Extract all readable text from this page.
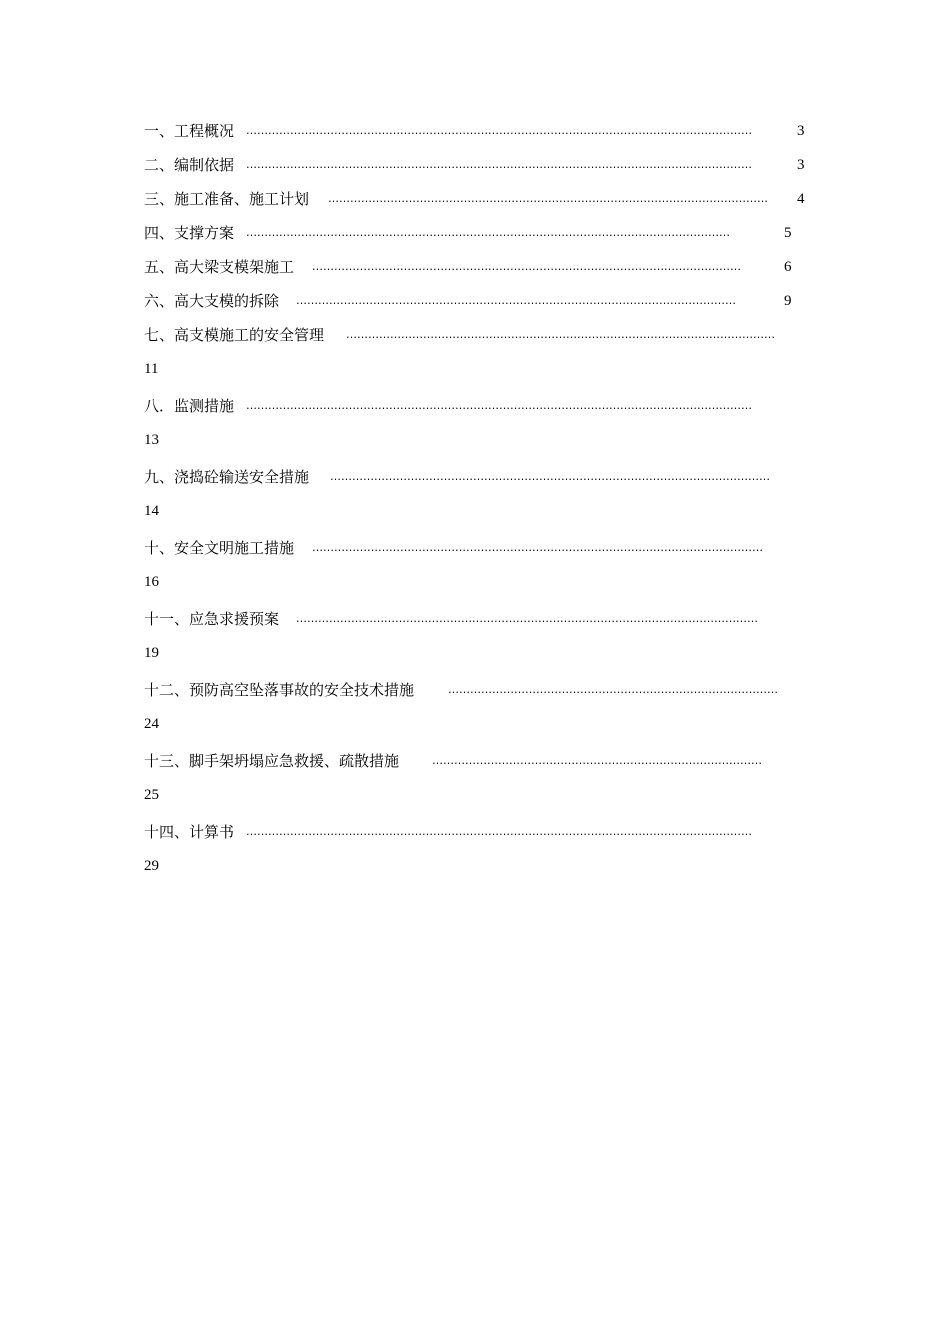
一、工程概况 …………………………………………………………………………………………………………………………	3
二、编制依据 …………………………………………………………………………………………………………………………	3
三、施工准备、施工计划 …………………………………………………………………………………………………………	4
四、支撑方案 ……………………………………………………………………………………………………………………	5
五、高大梁支模架施工 ………………………………………………………………………………………………………	6
六、高大支模的拆除 …………………………………………………………………………………………………………	9
七、高支模施工的安全管理 ………………………………………………………………………………………………………
11
八．监测措施 …………………………………………………………………………………………………………………………
13
九、浇捣砼输送安全措施 …………………………………………………………………………………………………………
14
十、安全文明施工措施 ……………………………………………………………………………………………………………
16
十一、应急求援预案 ………………………………………………………………………………………………………………
19
十二、预防高空坠落事故的安全技术措施	………………………………………………………………………………
24
十三、脚手架坍塌应急救援、疏散措施	………………………………………………………………………………
25
十四、计算书 …………………………………………………………………………………………………………………………
29
